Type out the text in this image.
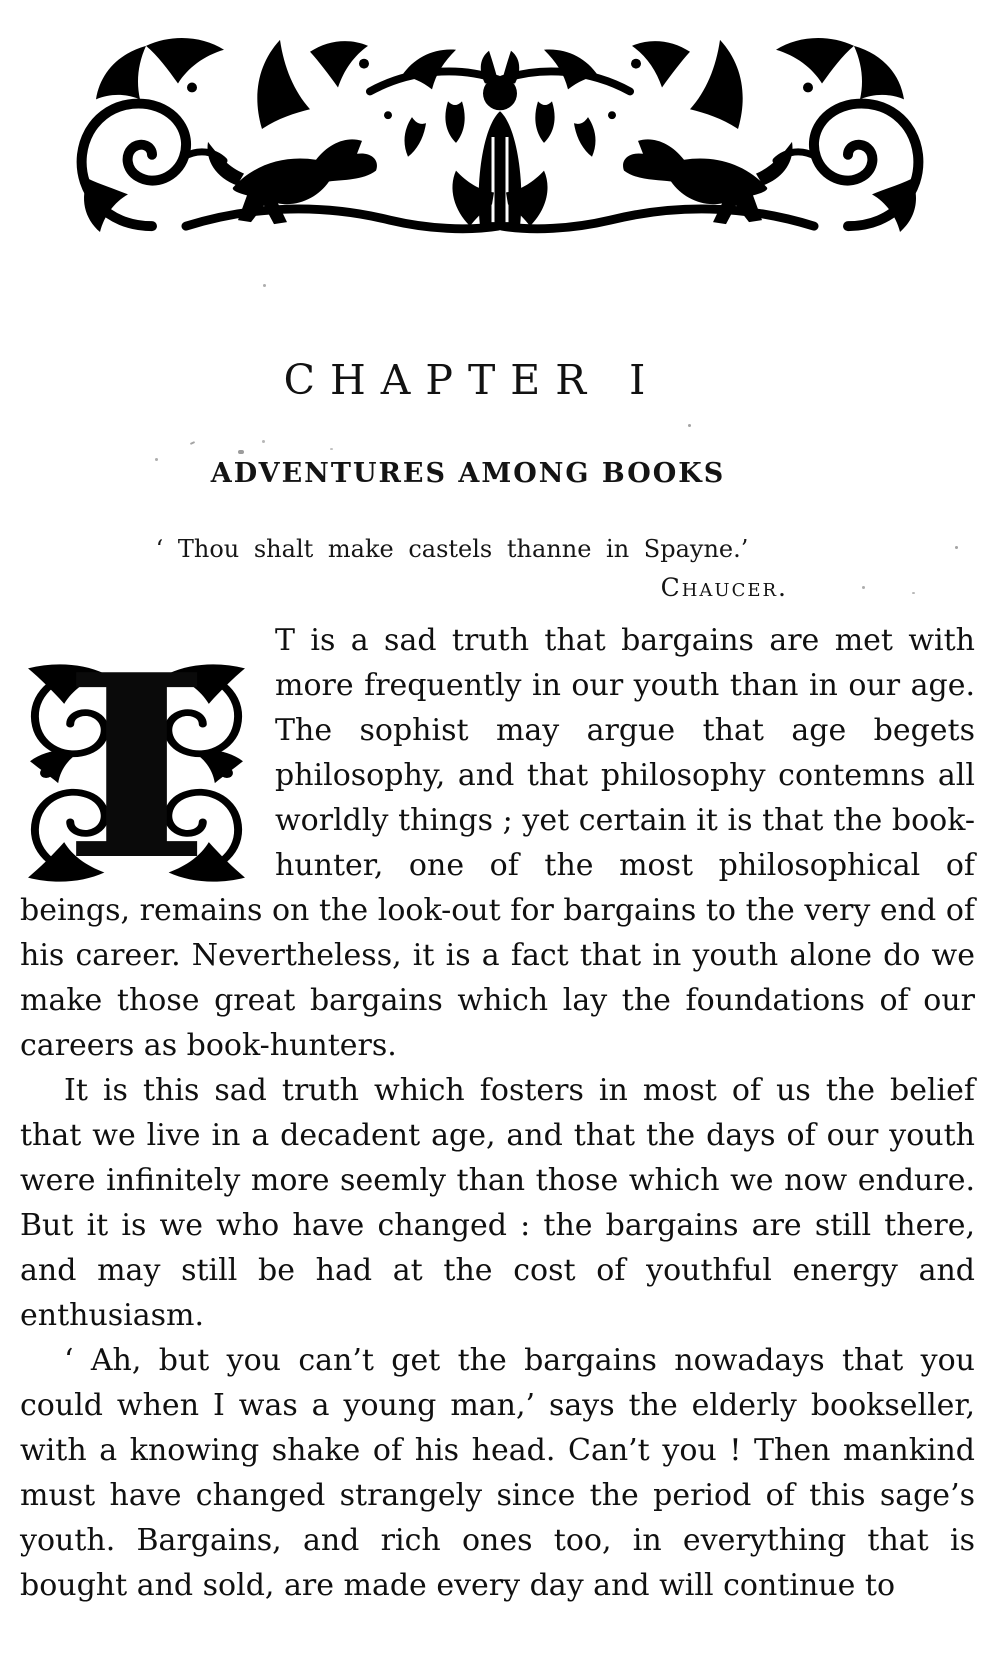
CHAPTER I
ADVENTURES AMONG BOOKS
‘ Thou shalt make castels thanne in Spayne.’
Chaucer.

I	T is a sad truth that bargains are met with more frequently in our youth than in our age. The sophist may argue that age begets philosophy, and that philosophy contemns all worldly things ; yet certain it is that the book-hunter, one of the most philosophical of beings, remains on the look-out for bargains to the very end of his career. Nevertheless, it is a fact that in youth alone do we make those great bargains which lay the foundations of our careers as book-hunters.

It is this sad truth which fosters in most of us the belief that we live in a decadent age, and that the days of our youth were infinitely more seemly than those which we now endure. But it is we who have changed : the bargains are still there, and may still be had at the cost of youthful energy and enthusiasm.

‘ Ah, but you can’t get the bargains nowadays that you could when I was a young man,’ says the elderly bookseller, with a knowing shake of his head. Can’t you ! Then mankind must have changed strangely since the period of this sage’s youth. Bargains, and rich ones too, in everything that is bought and sold, are made every day and will continue to
